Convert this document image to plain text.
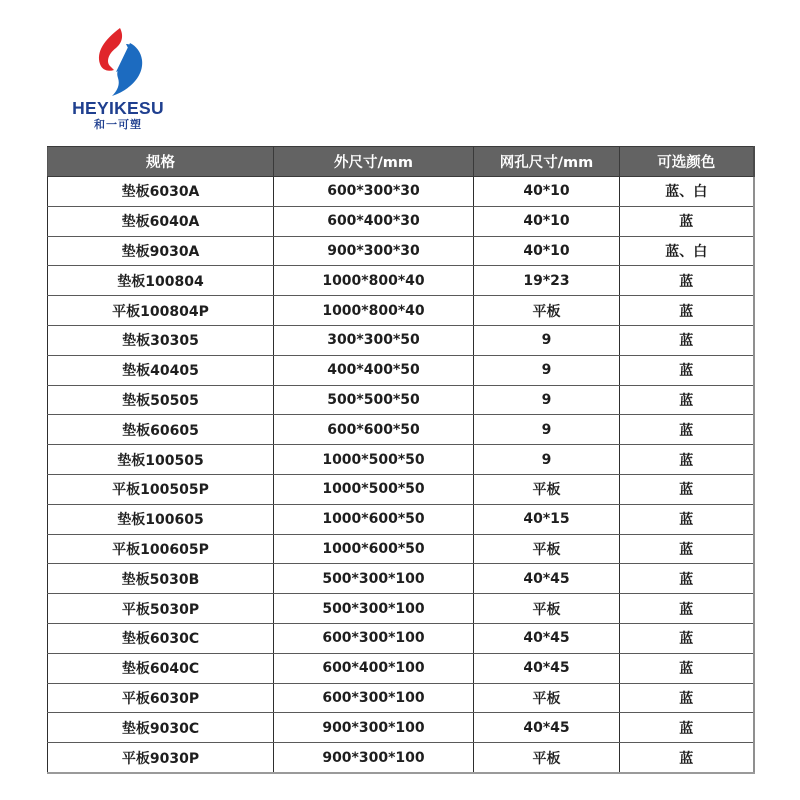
HEYIKESU
和一可塑
规格	外尺寸/mm	网孔尺寸/mm	可选颜色
垫板6030A	600*300*30	40*10	蓝、白
垫板6040A	600*400*30	40*10	蓝
垫板9030A	900*300*30	40*10	蓝、白
垫板100804	1000*800*40	19*23	蓝
平板100804P	1000*800*40	平板	蓝
垫板30305	300*300*50	9	蓝
垫板40405	400*400*50	9	蓝
垫板50505	500*500*50	9	蓝
垫板60605	600*600*50	9	蓝
垫板100505	1000*500*50	9	蓝
平板100505P	1000*500*50	平板	蓝
垫板100605	1000*600*50	40*15	蓝
平板100605P	1000*600*50	平板	蓝
垫板5030B	500*300*100	40*45	蓝
平板5030P	500*300*100	平板	蓝
垫板6030C	600*300*100	40*45	蓝
垫板6040C	600*400*100	40*45	蓝
平板6030P	600*300*100	平板	蓝
垫板9030C	900*300*100	40*45	蓝
平板9030P	900*300*100	平板	蓝
